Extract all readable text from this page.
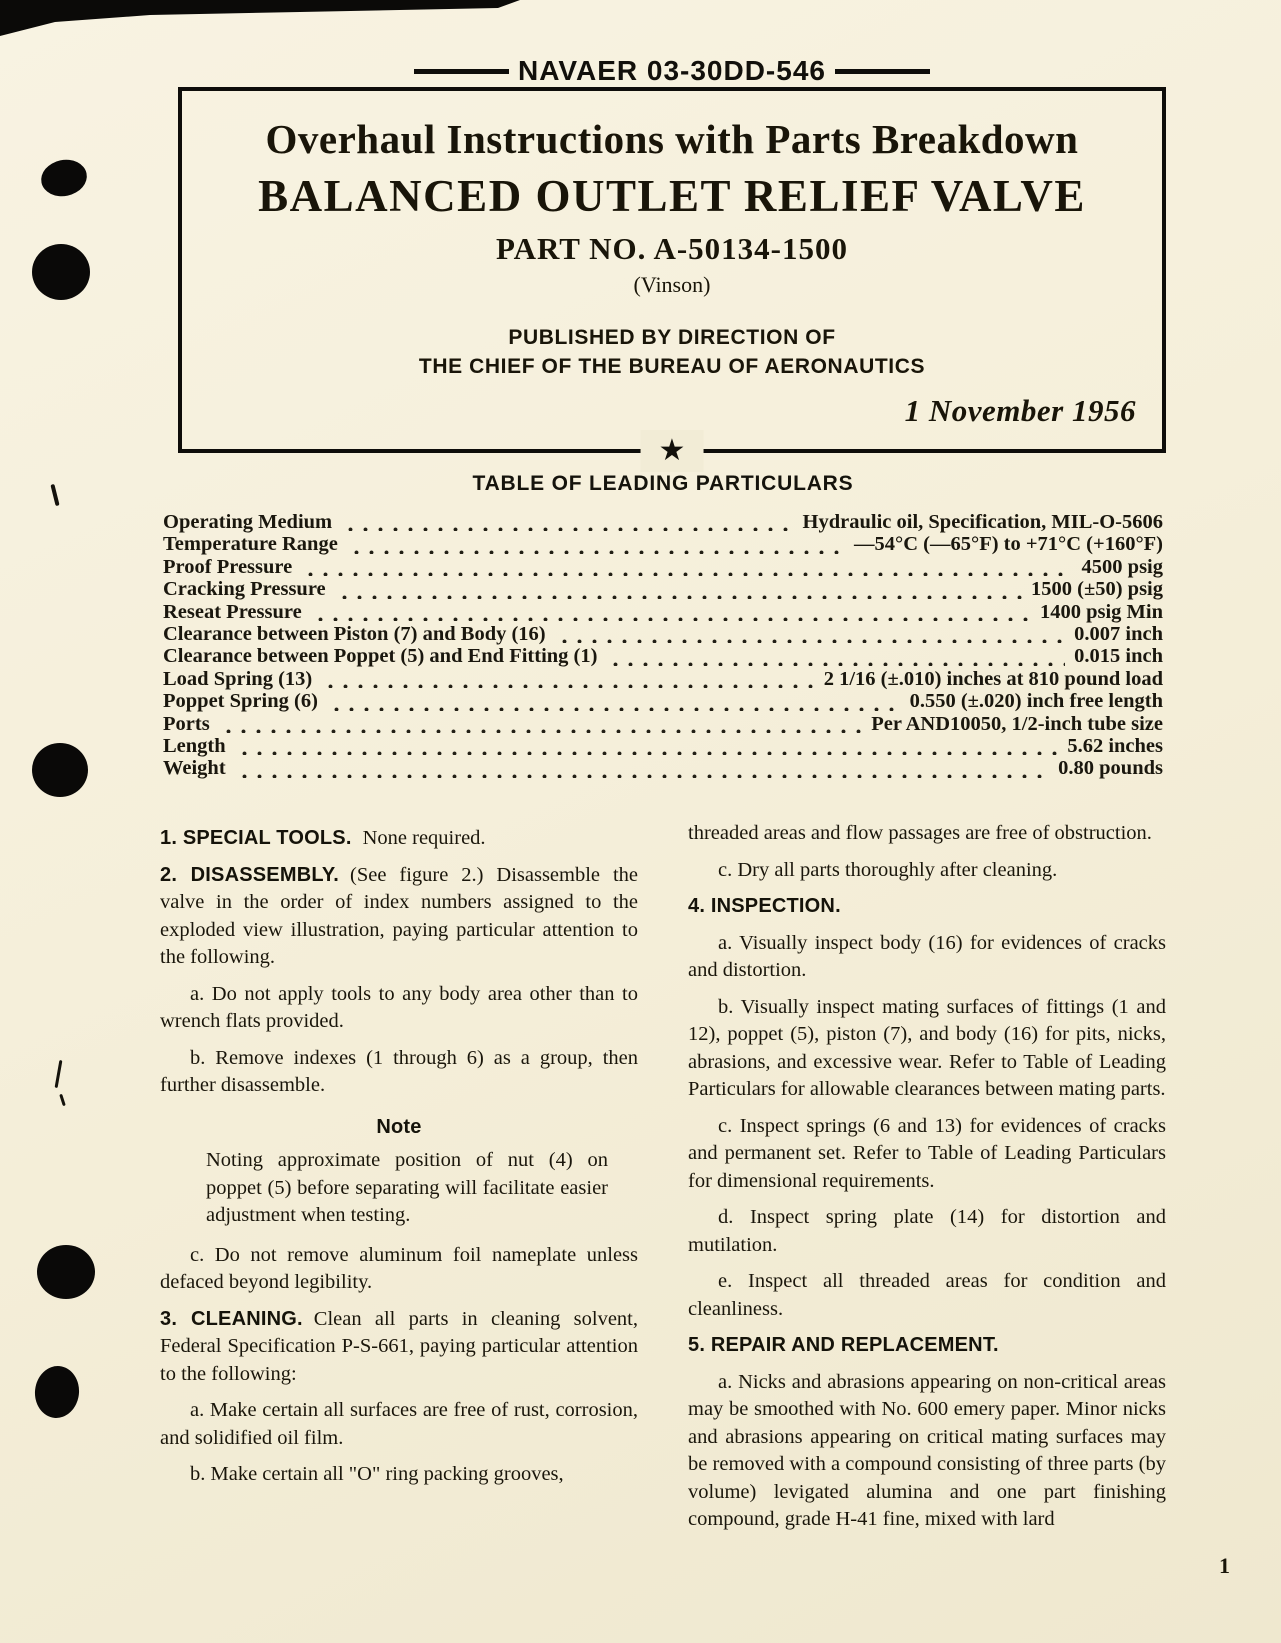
NAVAER 03-30DD-546
Overhaul Instructions with Parts Breakdown
BALANCED OUTLET RELIEF VALVE
PART NO. A-50134-1500
(Vinson)
PUBLISHED BY DIRECTION OF
THE CHIEF OF THE BUREAU OF AERONAUTICS
1 November 1956
★
TABLE OF LEADING PARTICULARS
Operating Medium	Hydraulic oil, Specification, MIL-O-5606
Temperature Range	—54°C (—65°F) to +71°C (+160°F)
Proof Pressure	4500 psig
Cracking Pressure	1500 (±50) psig
Reseat Pressure	1400 psig Min
Clearance between Piston (7) and Body (16)	0.007 inch
Clearance between Poppet (5) and End Fitting (1)	0.015 inch
Load Spring (13)	2 1/16 (±.010) inches at 810 pound load
Poppet Spring (6)	0.550 (±.020) inch free length
Ports	Per AND10050, 1/2-inch tube size
Length	5.62 inches
Weight	0.80 pounds

1. SPECIAL TOOLS. None required.

2. DISASSEMBLY. (See figure 2.) Disassemble the valve in the order of index numbers assigned to the exploded view illustration, paying particular attention to the following.

a. Do not apply tools to any body area other than to wrench flats provided.

b. Remove indexes (1 through 6) as a group, then further disassemble.

Note

Noting approximate position of nut (4) on poppet (5) before separating will facilitate easier adjustment when testing.

c. Do not remove aluminum foil nameplate unless defaced beyond legibility.

3. CLEANING. Clean all parts in cleaning solvent, Federal Specification P-S-661, paying particular attention to the following:

a. Make certain all surfaces are free of rust, corrosion, and solidified oil film.

b. Make certain all "O" ring packing grooves,

threaded areas and flow passages are free of obstruction.

c. Dry all parts thoroughly after cleaning.

4. INSPECTION.

a. Visually inspect body (16) for evidences of cracks and distortion.

b. Visually inspect mating surfaces of fittings (1 and 12), poppet (5), piston (7), and body (16) for pits, nicks, abrasions, and excessive wear. Refer to Table of Leading Particulars for allowable clearances between mating parts.

c. Inspect springs (6 and 13) for evidences of cracks and permanent set. Refer to Table of Leading Particulars for dimensional requirements.

d. Inspect spring plate (14) for distortion and mutilation.

e. Inspect all threaded areas for condition and cleanliness.

5. REPAIR AND REPLACEMENT.

a. Nicks and abrasions appearing on non-critical areas may be smoothed with No. 600 emery paper. Minor nicks and abrasions appearing on critical mating surfaces may be removed with a compound consisting of three parts (by volume) levigated alumina and one part finishing compound, grade H-41 fine, mixed with lard

1
